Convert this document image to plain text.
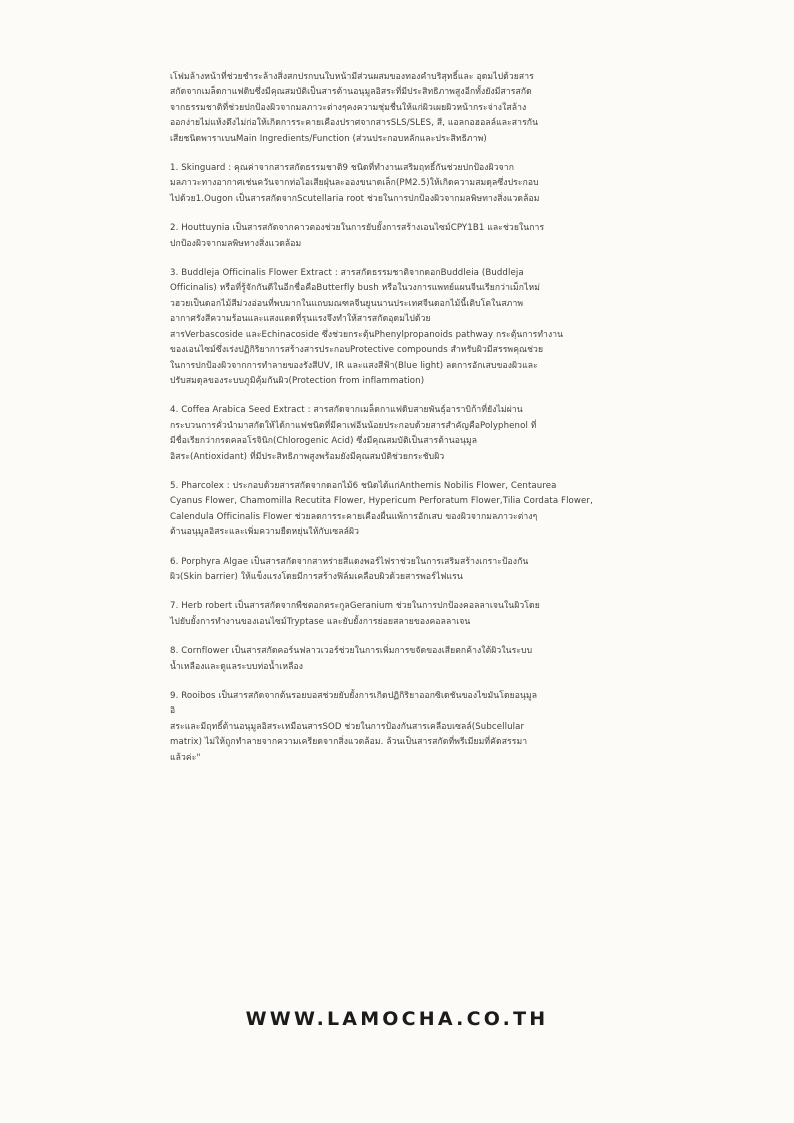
เโฟมล้างหน้าที่ช่วยชำระล้างสิ่งสกปรกบนใบหน้ามีส่วนผสมของทองคำบริสุทธิ์และ อุดมไปด้วยสาร
สกัดจากเมล็ดกาแฟดิบซึ่งมีคุณสมบัติเป็นสารต้านอนุมูลอิสระที่มีประสิทธิภาพสูงอีกทั้งยังมีสารสกัด
จากธรรมชาติที่ช่วยปกป้องผิวจากมลภาวะต่างๆคงความชุ่มชื่นให้แก่ผิวเผยผิวหน้ากระจ่างใสล้าง
ออกง่ายไม่แห้งตึงไม่ก่อให้เกิดการระคายเคืองปราศจากสารSLS/SLES, สี, แอลกอฮอลล์และสารกัน
เสียชนิดพาราเบนMain Ingredients/Function (ส่วนประกอบหลักและประสิทธิภาพ)
1. Skinguard : คุณค่าจากสารสกัดธรรมชาติ9 ชนิดที่ทำงานเสริมฤทธิ์กันช่วยปกป้องผิวจาก
มลภาวะทางอากาศเช่นควันจากท่อไอเสียฝุ่นละอองขนาดเล็ก(PM2.5)ให้เกิดความสมดุลซึ่งประกอบ
ไปด้วย1.Ougon เป็นสารสกัดจากScutellaria root ช่วยในการปกป้องผิวจากมลพิษทางสิ่งแวดล้อม
2. Houttuynia เป็นสารสกัดจากคาวตองช่วยในการยับยั้งการสร้างเอนไซม์CPY1B1 และช่วยในการ
ปกป้องผิวจากมลพิษทางสิ่งแวดล้อม
3. Buddleja Officinalis Flower Extract : สารสกัดธรรมชาติจากดอกBuddleia (Buddleja
Officinalis) หรือที่รู้จักกันดีในอีกชื่อคือButterfly bush หรือในวงการแพทย์แผนจีนเรียกว่าเม็กไหม่
วฮวยเป็นดอกไม้สีม่วงอ่อนที่พบมากในแถบมณฑลจีนยูนนานประเทศจีนดอกไม้นี้เติบโตในสภาพ
อากาศรังสีความร้อนและแสงแดดที่รุนแรงจึงทำให้สารสกัดอุดมไปด้วย
สารVerbascoside และEchinacoside ซึ่งช่วยกระตุ้นPhenylpropanoids pathway กระตุ้นการทำงาน
ของเอนไซม์ซึ่งเร่งปฏิกิริยาการสร้างสารประกอบProtective compounds สำหรับผิวมีสรรพคุณช่วย
ในการปกป้องผิวจากการทำลายของรังสีUV, IR และแสงสีฟ้า(Blue light) ลดการอักเสบของผิวและ
ปรับสมดุลของระบบภูมิคุ้มกันผิว(Protection from inflammation)
4. Coffea Arabica Seed Extract : สารสกัดจากเมล็ดกาแฟดิบสายพันธุ์อาราบิก้าที่ยังไม่ผ่าน
กระบวนการคั่วนำมาสกัดให้ได้กาแฟชนิดที่มีคาเฟอีนน้อยประกอบด้วยสารสำคัญคือPolyphenol ที่
มีชื่อเรียกว่ากรดคลอโรจินิก(Chlorogenic Acid) ซึ่งมีคุณสมบัติเป็นสารต้านอนุมูล
อิสระ(Antioxidant) ที่มีประสิทธิภาพสูงพร้อมยังมีคุณสมบัติช่วยกระชับผิว
5. Pharcolex : ประกอบด้วยสารสกัดจากดอกไม้6 ชนิดได้แก่Anthemis Nobilis Flower, Centaurea
Cyanus Flower, Chamomilla Recutita Flower, Hypericum Perforatum Flower,Tilia Cordata Flower,
Calendula Officinalis Flower ช่วยลดการระคายเคืองผื่นแพ้การอักเสบ ของผิวจากมลภาวะต่างๆ
ต้านอนุมูลอิสระและเพิ่มความยืดหยุ่นให้กับเซลล์ผิว
6. Porphyra Algae เป็นสารสกัดจากสาหร่ายสีแดงพอร์ไฟราช่วยในการเสริมสร้างเกราะป้องกัน
ผิว(Skin barrier) ให้แข็งแรงโดยมีการสร้างฟิล์มเคลือบผิวด้วยสารพอร์ไฟแรน
7. Herb robert เป็นสารสกัดจากพืชตอกตระกูลGeranium ช่วยในการปกป้องคอลลาเจนในผิวโดย
ไปยับยั้งการทำงานของเอนไซม์Tryptase และยับยั้งการย่อยสลายของคอลลาเจน
8. Cornflower เป็นสารสกัดคอร์นฟลาวเวอร์ช่วยในการเพิ่มการขจัดของเสียตกค้างใต้ผิวในระบบ
น้ำเหลืองและดูแลระบบท่อน้ำเหลือง
9. Rooibos เป็นสารสกัดจากต้นรอยบอสช่วยยับยั้งการเกิดปฏิกิริยาออกซิเดชันของไขมันโดยอนุมูล
อิ
สระและมีฤทธิ์ต้านอนุมูลอิสระเหมือนสารSOD ช่วยในการป้องกันสารเคลือบเซลล์(Subcellular
matrix) ไม่ให้ถูกทำลายจากความเครียดจากสิ่งแวดล้อม. ล้วนเป็นสารสกัดที่พรีเมียมที่คัดสรรมา
แล้วค่ะ"
WWW.LAMOCHA.CO.TH
